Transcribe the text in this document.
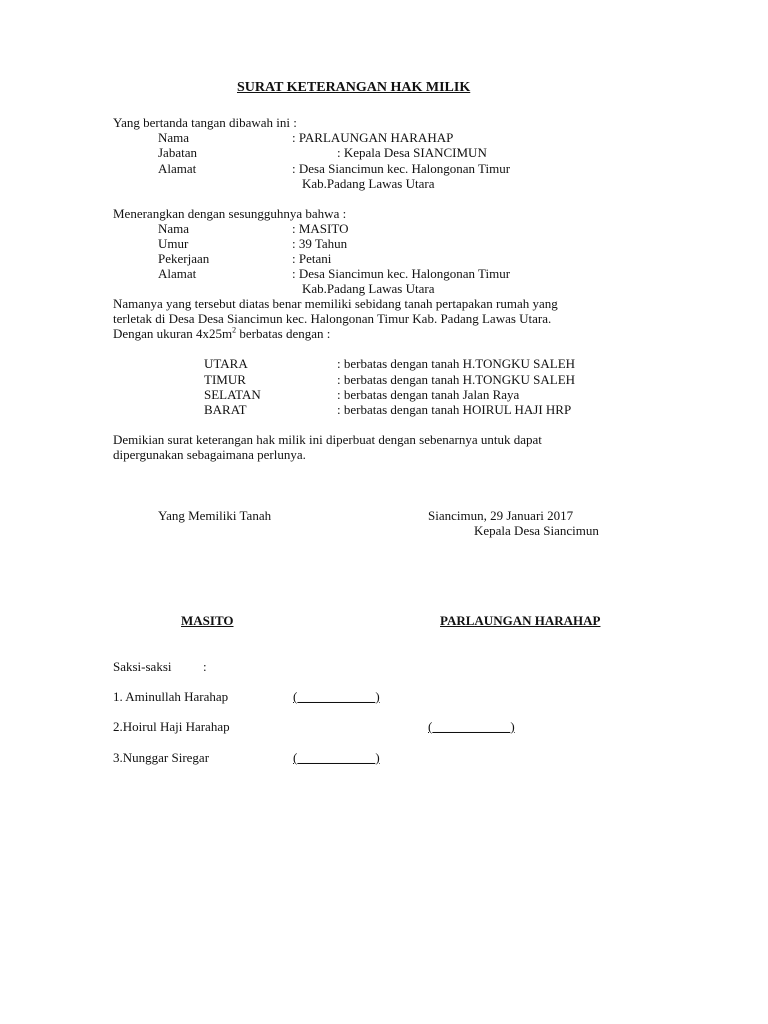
SURAT KETERANGAN HAK MILIK
Yang bertanda tangan dibawah ini :
Nama	: PARLAUNGAN HARAHAP
Jabatan	: Kepala Desa SIANCIMUN
Alamat	: Desa Siancimun kec. Halongonan Timur
Kab.Padang Lawas Utara
Menerangkan dengan sesungguhnya bahwa :
Nama	: MASITO
Umur	: 39 Tahun
Pekerjaan	: Petani
Alamat	: Desa Siancimun kec. Halongonan Timur
Kab.Padang Lawas Utara
Namanya yang tersebut diatas benar memiliki sebidang tanah pertapakan rumah yang
terletak di Desa Desa Siancimun kec. Halongonan Timur Kab. Padang Lawas Utara.
Dengan ukuran $4x25m^2$ berbatas dengan :
UTARA	: berbatas dengan tanah H.TONGKU SALEH
TIMUR	: berbatas dengan tanah H.TONGKU SALEH
SELATAN	: berbatas dengan tanah Jalan Raya
BARAT	: berbatas dengan tanah HOIRUL HAJI HRP
Demikian surat keterangan hak milik ini diperbuat dengan sebenarnya untuk dapat
dipergunakan sebagaimana perlunya.
Yang Memiliki Tanah	Siancimun, 29 Januari 2017
Kepala Desa Siancimun
MASITO	PARLAUNGAN HARAHAP
Saksi-saksi :
1. Aminullah Harahap	(____________)
2.Hoirul Haji Harahap	(____________)
3.Nunggar Siregar	(____________)
